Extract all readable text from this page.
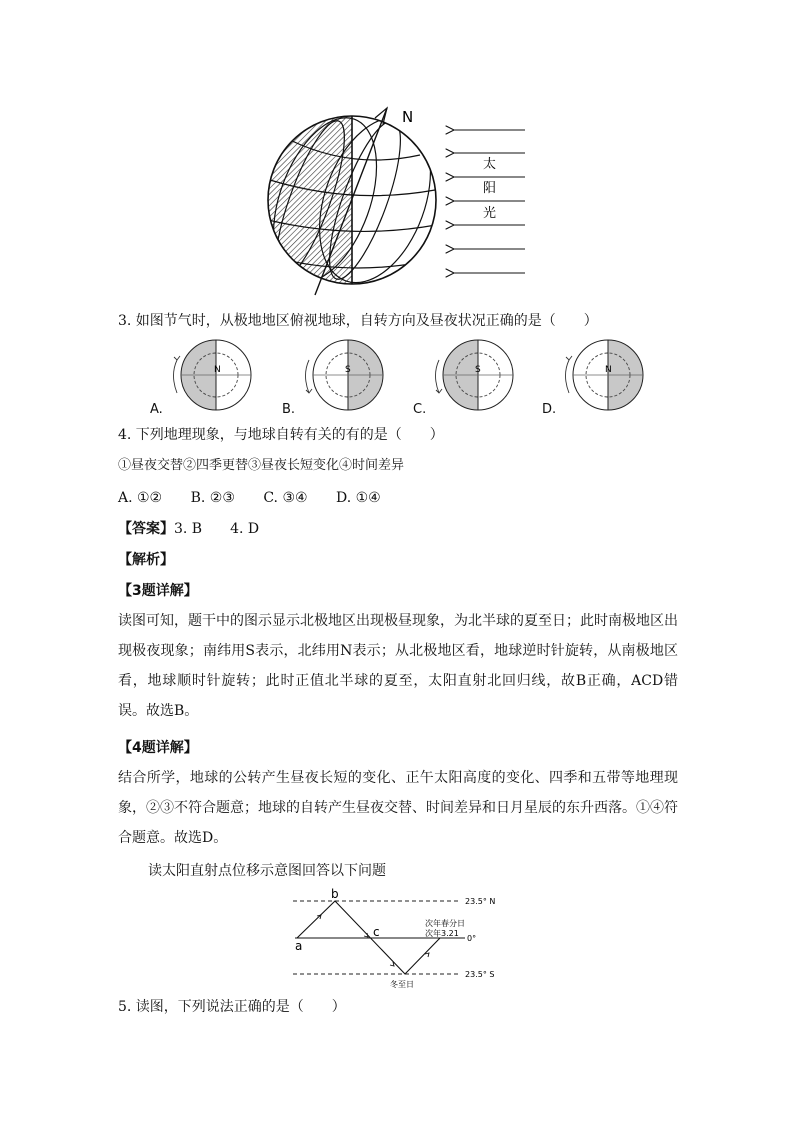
N
太
阳
光
3. 如图节气时，从极地地区俯视地球，自转方向及昼夜状况正确的是（　　）
N
A.
S
B.
S
C.
N
D.
4. 下列地理现象，与地球自转有关的有的是（　　）
①昼夜交替②四季更替③昼夜长短变化④时间差异
A. ①② B. ②③ C. ③④ D. ①④
【答案】3. B　　4. D
【解析】
【3题详解】
读图可知，题干中的图示显示北极地区出现极昼现象，为北半球的夏至日；此时南极地区出现极夜现象；南纬用S表示，北纬用N表示；从北极地区看，地球逆时针旋转，从南极地区看，地球顺时针旋转；此时正值北半球的夏至，太阳直射北回归线，故B正确，ACD错误。故选B。
【4题详解】
结合所学，地球的公转产生昼夜长短的变化、正午太阳高度的变化、四季和五带等地理现象，②③不符合题意；地球的自转产生昼夜交替、时间差异和日月星辰的东升西落。①④符合题意。故选D。
读太阳直射点位移示意图回答以下问题
a
b
c
23.5° N
0°
23.5° S
次年春分日
次年3.21
冬至日
5. 读图，下列说法正确的是（　　）
